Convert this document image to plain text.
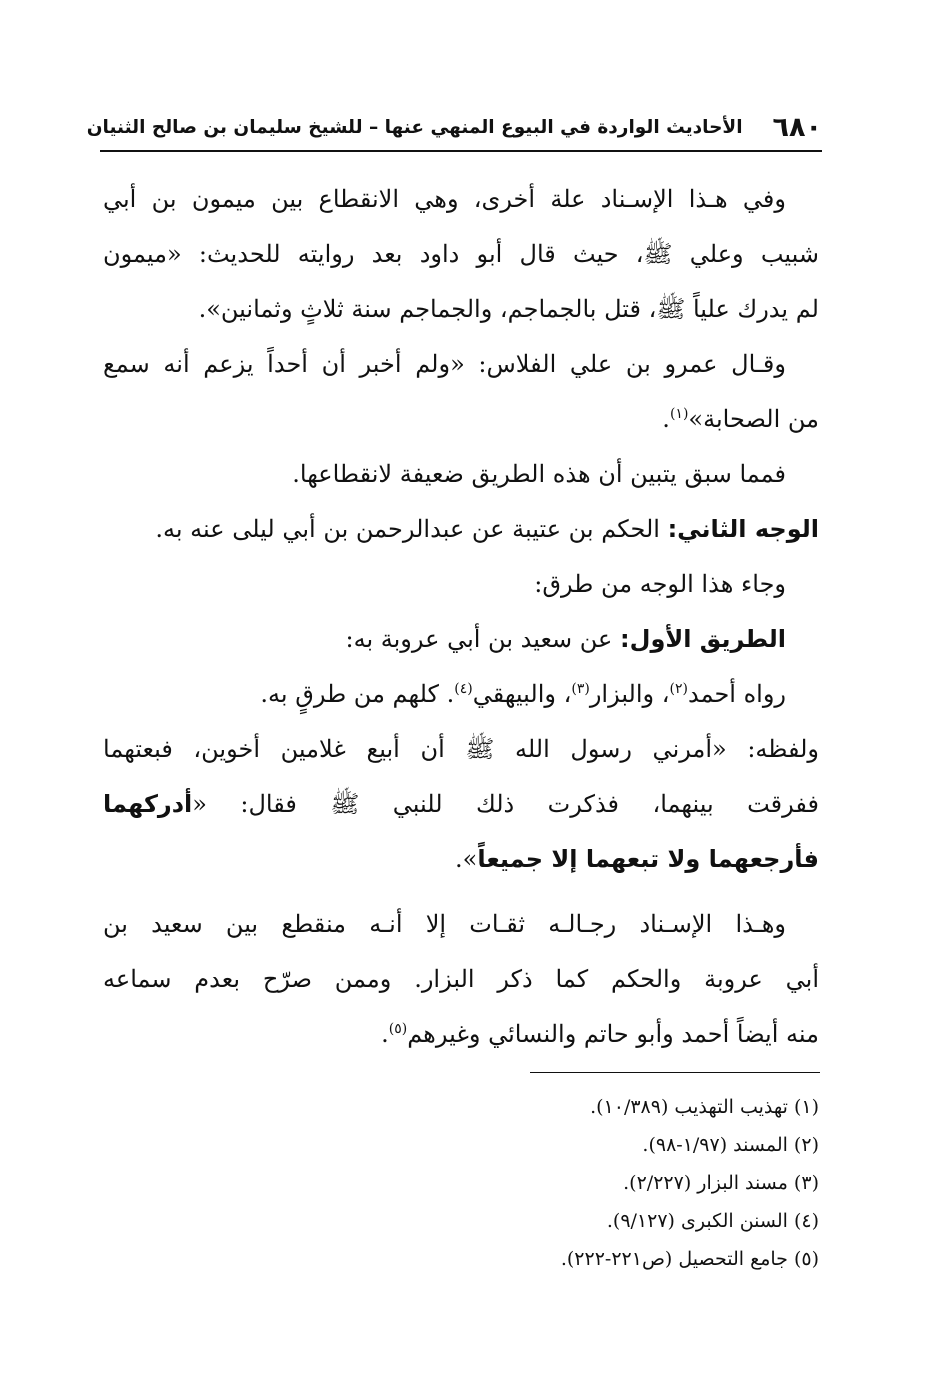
٦٨٠
الأحاديث الواردة في البيوع المنهي عنها – للشيخ سليمان بن صالح الثنيان
وفي هـذا الإسـناد علة أخرى، وهي الانقطاع بين ميمون بن أبي
شبيب وعلي ﷺ، حيث قال أبو داود بعد روايته للحديث: «ميمون
لم يدرك علياً ﷺ، قتل بالجماجم، والجماجم سنة ثلاثٍ وثمانين».
وقـال عمرو بن علي الفلاس: «ولم أخبر أن أحداً يزعم أنه سمع
من الصحابة»$^{(١)}$.
فمما سبق يتبين أن هذه الطريق ضعيفة لانقطاعها.
الوجه الثاني: الحكم بن عتيبة عن عبدالرحمن بن أبي ليلى عنه به.
وجاء هذا الوجه من طرق:
الطريق الأول: عن سعيد بن أبي عروبة به:
رواه أحمد$^{(٢)}$، والبزار$^{(٣)}$، والبيهقي$^{(٤)}$. كلهم من طرقٍ به.
ولفظه: «أمرني رسول الله ﷺ أن أبيع غلامين أخوين، فبعتهما
ففرقت بينهما، فذكرت ذلك للنبي ﷺ فقال: «أدركهما
فأرجعهما ولا تبعهما إلا جميعاً».
وهـذا الإسـناد رجـالـه ثقـات إلا أنـه منقطع بين سعيد بن
أبي عروبة والحكم كما ذكر البزار. وممن صرّح بعدم سماعه
منه أيضاً أحمد وأبو حاتم والنسائي وغيرهم$^{(٥)}$.
(١) تهذيب التهذيب (١٠/٣٨٩).
(٢) المسند (١/٩٧-٩٨).
(٣) مسند البزار (٢/٢٢٧).
(٤) السنن الكبرى (٩/١٢٧).
(٥) جامع التحصيل (ص٢٢١-٢٢٢).
